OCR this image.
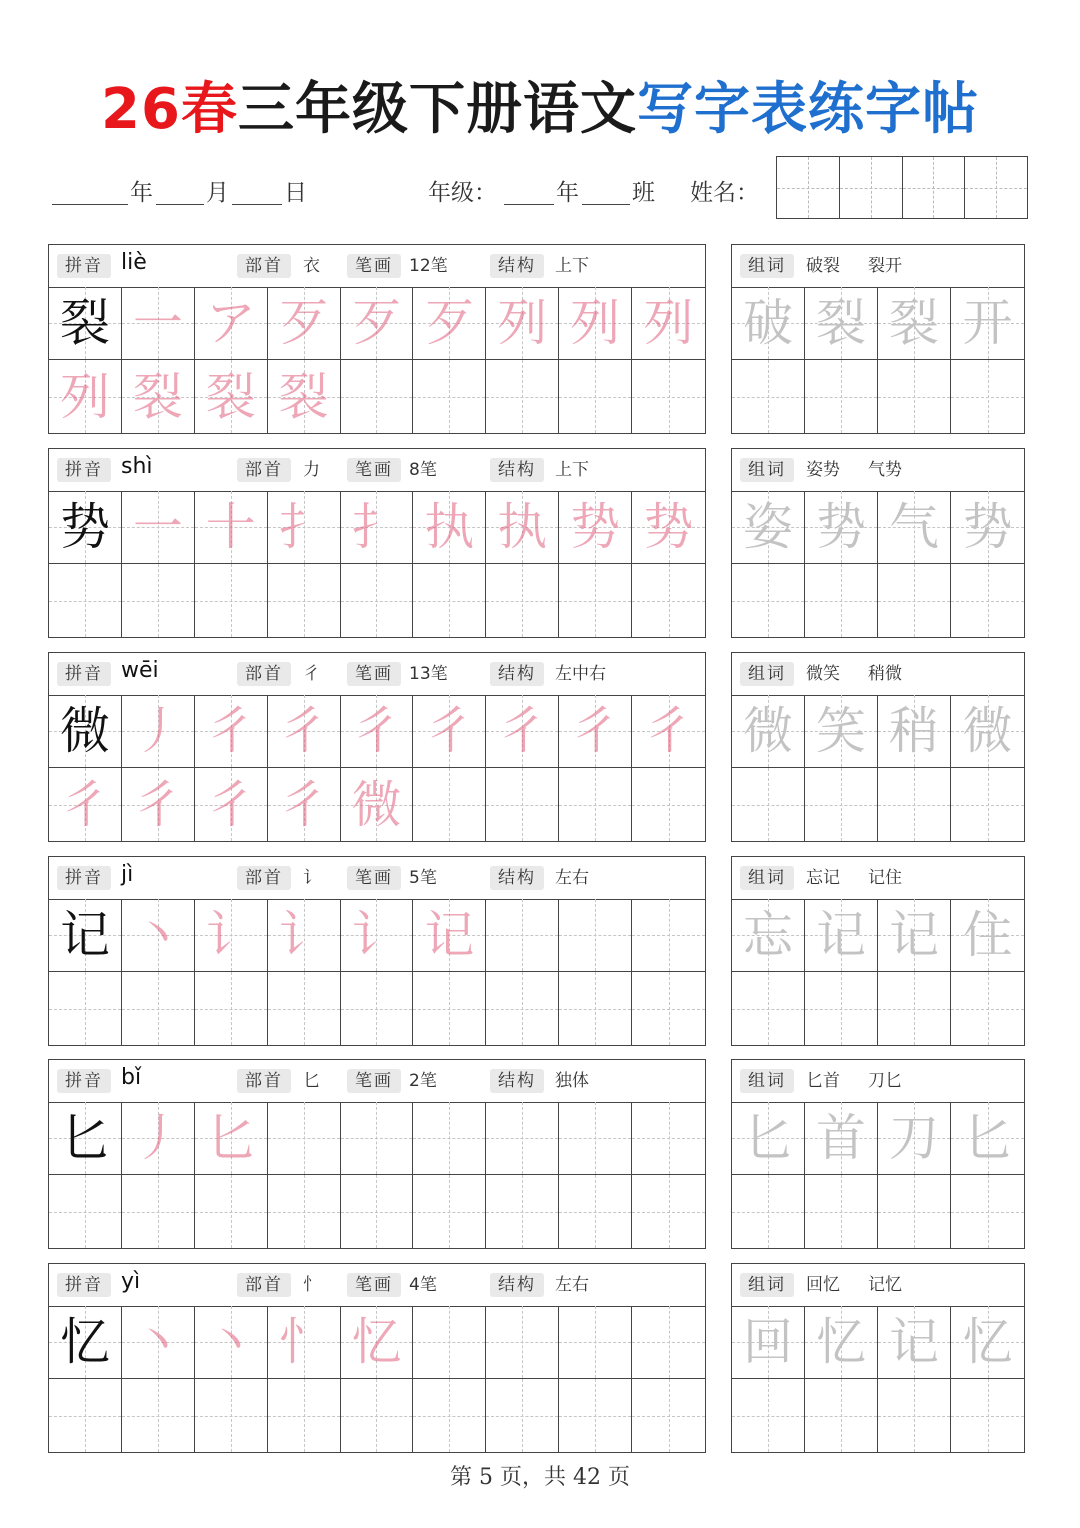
26春三年级下册语文写字表练字帖
年 月 日	年级：	年 班 姓名：
拼音 liè	部首	衣	笔画 12笔	结构	上下
裂 一 ア 歹 歹 歹 列 列 列
列 裂 裂 裂
组词	破裂 裂开
破 裂 裂 开
拼音 shì	部首	力	笔画 8笔	结构	上下
势 一 十 扌 扌 执 执 势 势
组词	姿势 气势
姿 势 气 势
拼音 wēi	部首	彳	笔画 13笔	结构	左中右
微 丿 彳 彳 彳 彳 彳 彳 彳
彳 彳 彳 彳 微
组词	微笑 稍微
微 笑 稍 微
拼音 jì	部首	讠	笔画 5笔	结构	左右
记 丶 讠 讠 讠 记
组词	忘记 记住
忘 记 记 住
拼音 bǐ	部首	匕	笔画 2笔	结构	独体
匕 丿 匕
组词	匕首 刀匕
匕 首 刀 匕
拼音 yì	部首	忄	笔画 4笔	结构	左右
忆 丶 丶 忄 忆
组词	回忆 记忆
回 忆 记 忆
第 5 页，共 42 页
